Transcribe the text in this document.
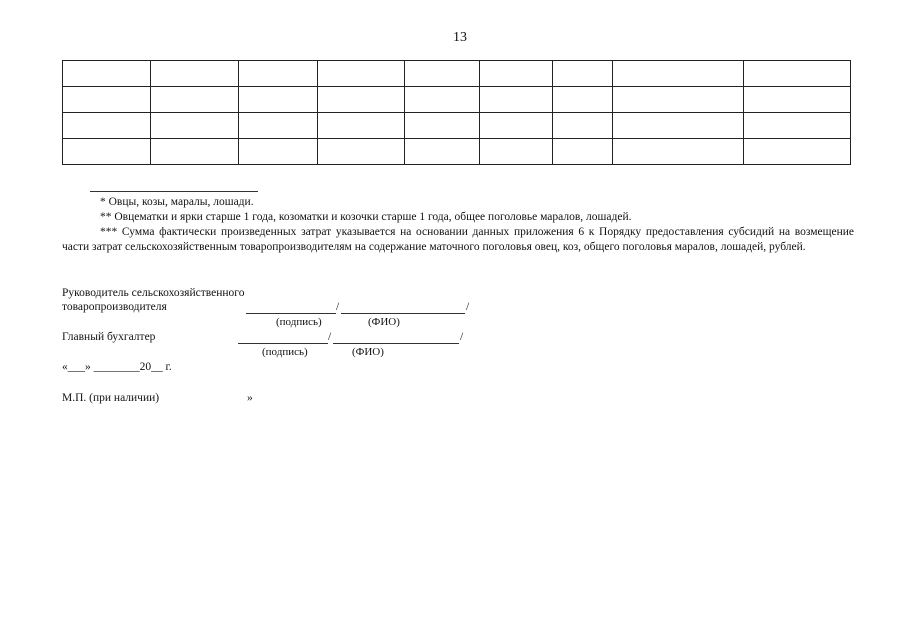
13

* Овцы, козы, маралы, лошади.

** Овцематки и ярки старше 1 года, козоматки и козочки старше 1 года, общее поголовье маралов, лошадей.

*** Сумма фактически произведенных затрат указывается на основании данных приложения 6 к Порядку предоставления субсидий на возмещение части затрат сельскохозяйственным товаропроизводителям на содержание маточного поголовья овец, коз, общего поголовья маралов, лошадей, рублей.

Руководитель сельскохозяйственного
товаропроизводителя	/	/
(подпись)	(ФИО)
Главный бухгалтер	/	/
(подпись)	(ФИО)
«___» ________20__ г.
М.П. (при наличии)	»
